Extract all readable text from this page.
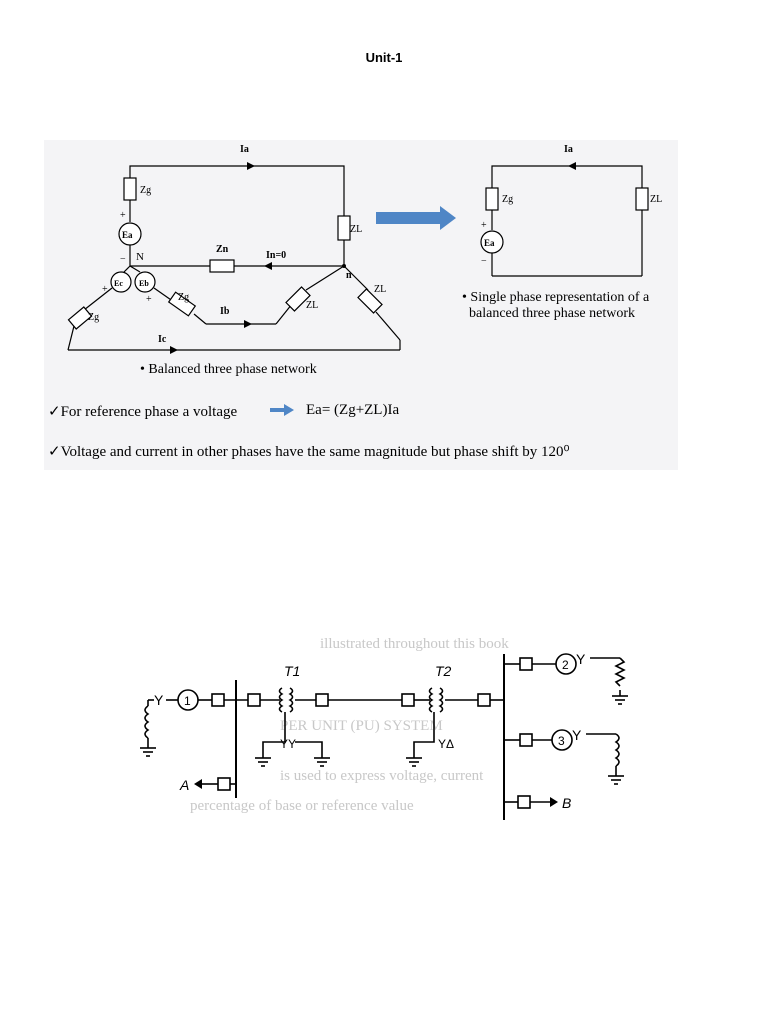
Unit-1
Ia
Zg
Ea
+
− N
Zn
In=0
ZL
n
Ec Eb
+
+	Zg
Zg
Ib
ZL
ZL
Ic
Ia
Zg	ZL
Ea
+
−
• Balanced three phase network
• Single phase representation of a
balanced three phase network
✓For reference phase a voltage	Ea= (Zg+ZL)Ia
✓Voltage and current in other phases have the same magnitude but phase shift by 120⁰
illustrated throughout this book
PER UNIT (PU) SYSTEM
is used to express voltage, current
percentage of base or reference value
T1	T2
Y 1
2 Y
3 Y
YY	YΔ
A
B
